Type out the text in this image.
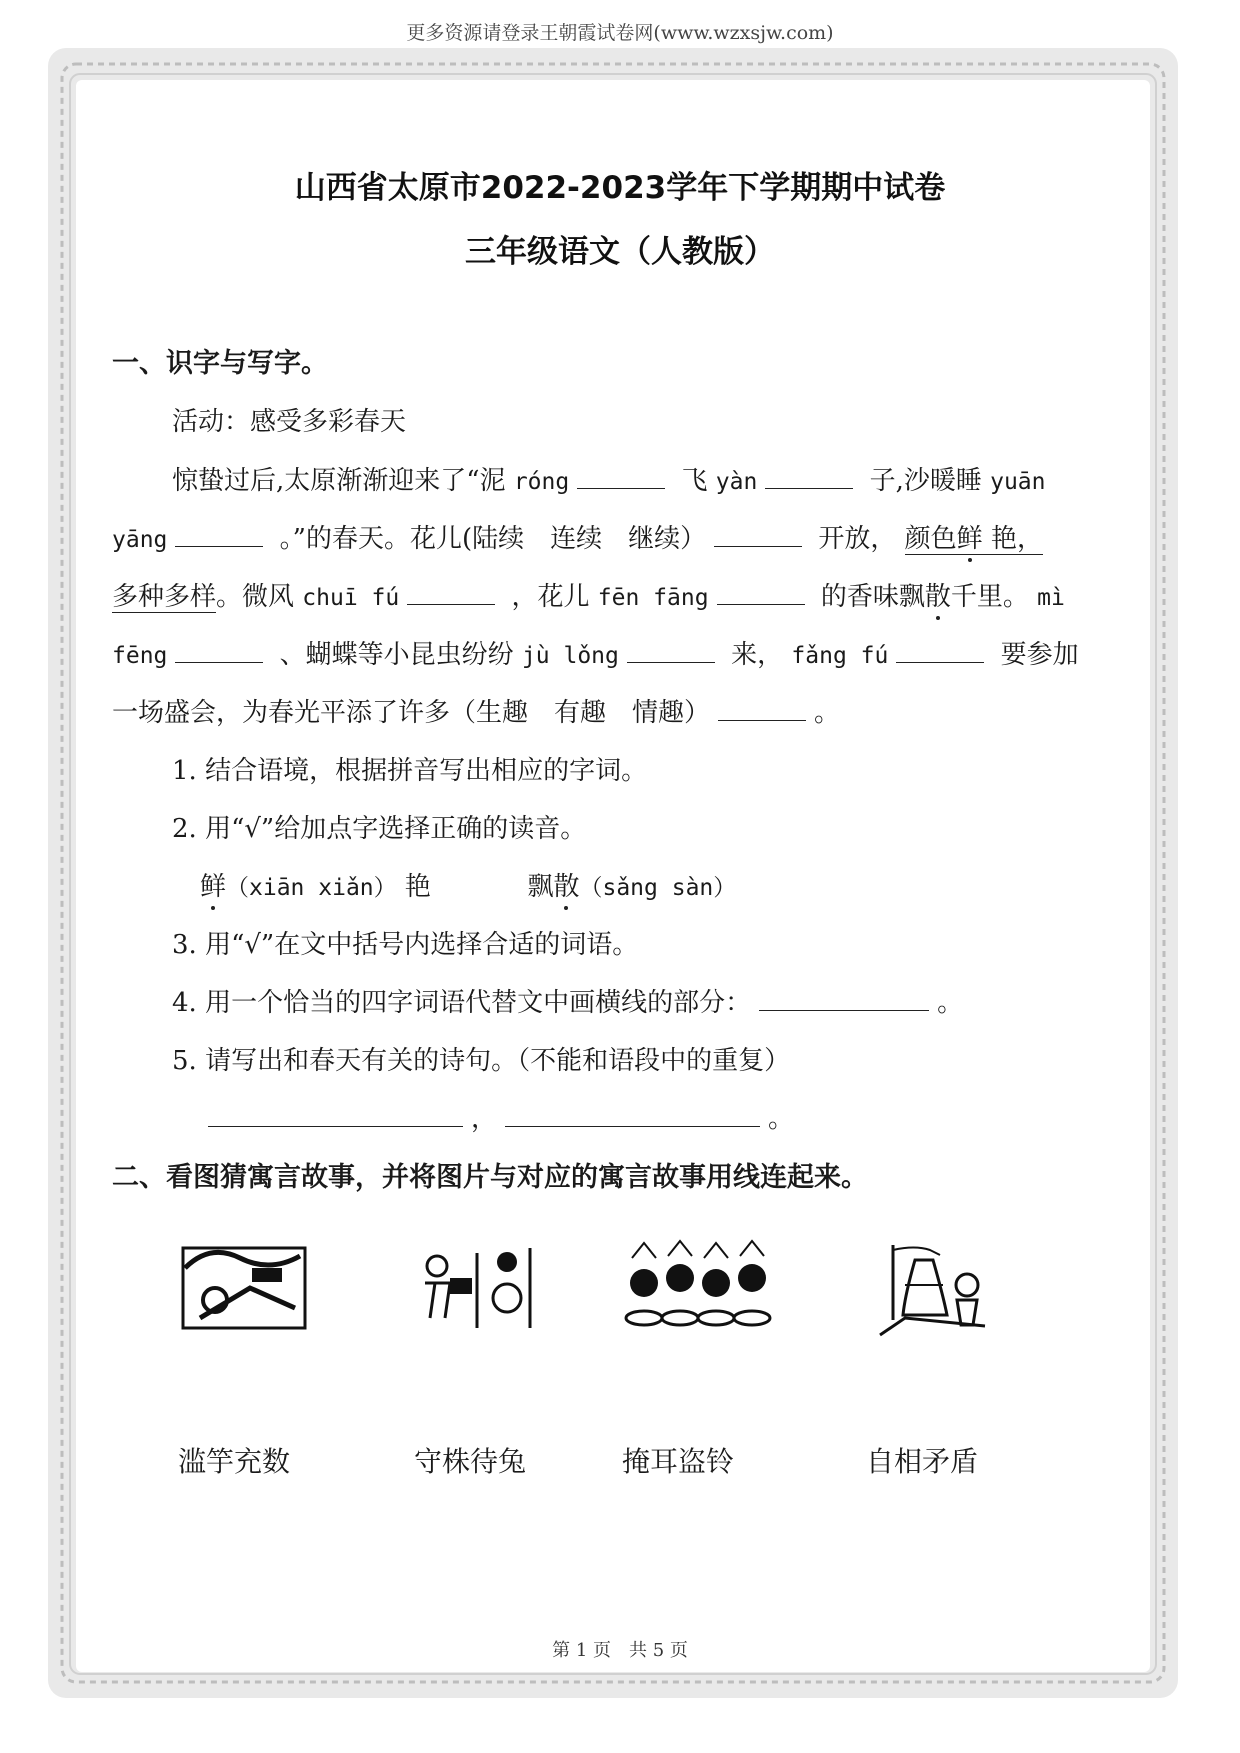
更多资源请登录王朝霞试卷网(www.wzxsjw.com)
山西省太原市2022-2023学年下学期期中试卷
三年级语文（人教版）
一、识字与写字。
活动：感受多彩春天
惊蛰过后,太原渐渐迎来了“泥 róng	飞 yàn	子,沙暖睡 yuān
yāng	。”的春天。花儿(陆续　连续　继续）	开放， 颜色鲜 艳，
多种多样。微风 chuī fú	，花儿 fēn fāng	的香味飘散千里。 mì
fēng	、蝴蝶等小昆虫纷纷 jù lǒng	来， fǎng fú	要参加
一场盛会，为春光平添了许多（生趣　有趣　情趣）	。
1. 结合语境，根据拼音写出相应的字词。
2. 用“√”给加点字选择正确的读音。
鲜（xiān xiǎn） 艳	飘散（sǎng sàn）
3. 用“√”在文中括号内选择合适的词语。
4. 用一个恰当的四字词语代替文中画横线的部分：	。
5. 请写出和春天有关的诗句。（不能和语段中的重复）
，	。
二、看图猜寓言故事，并将图片与对应的寓言故事用线连起来。
滥竽充数	守株待兔	掩耳盗铃	自相矛盾
第 1 页　共 5 页
